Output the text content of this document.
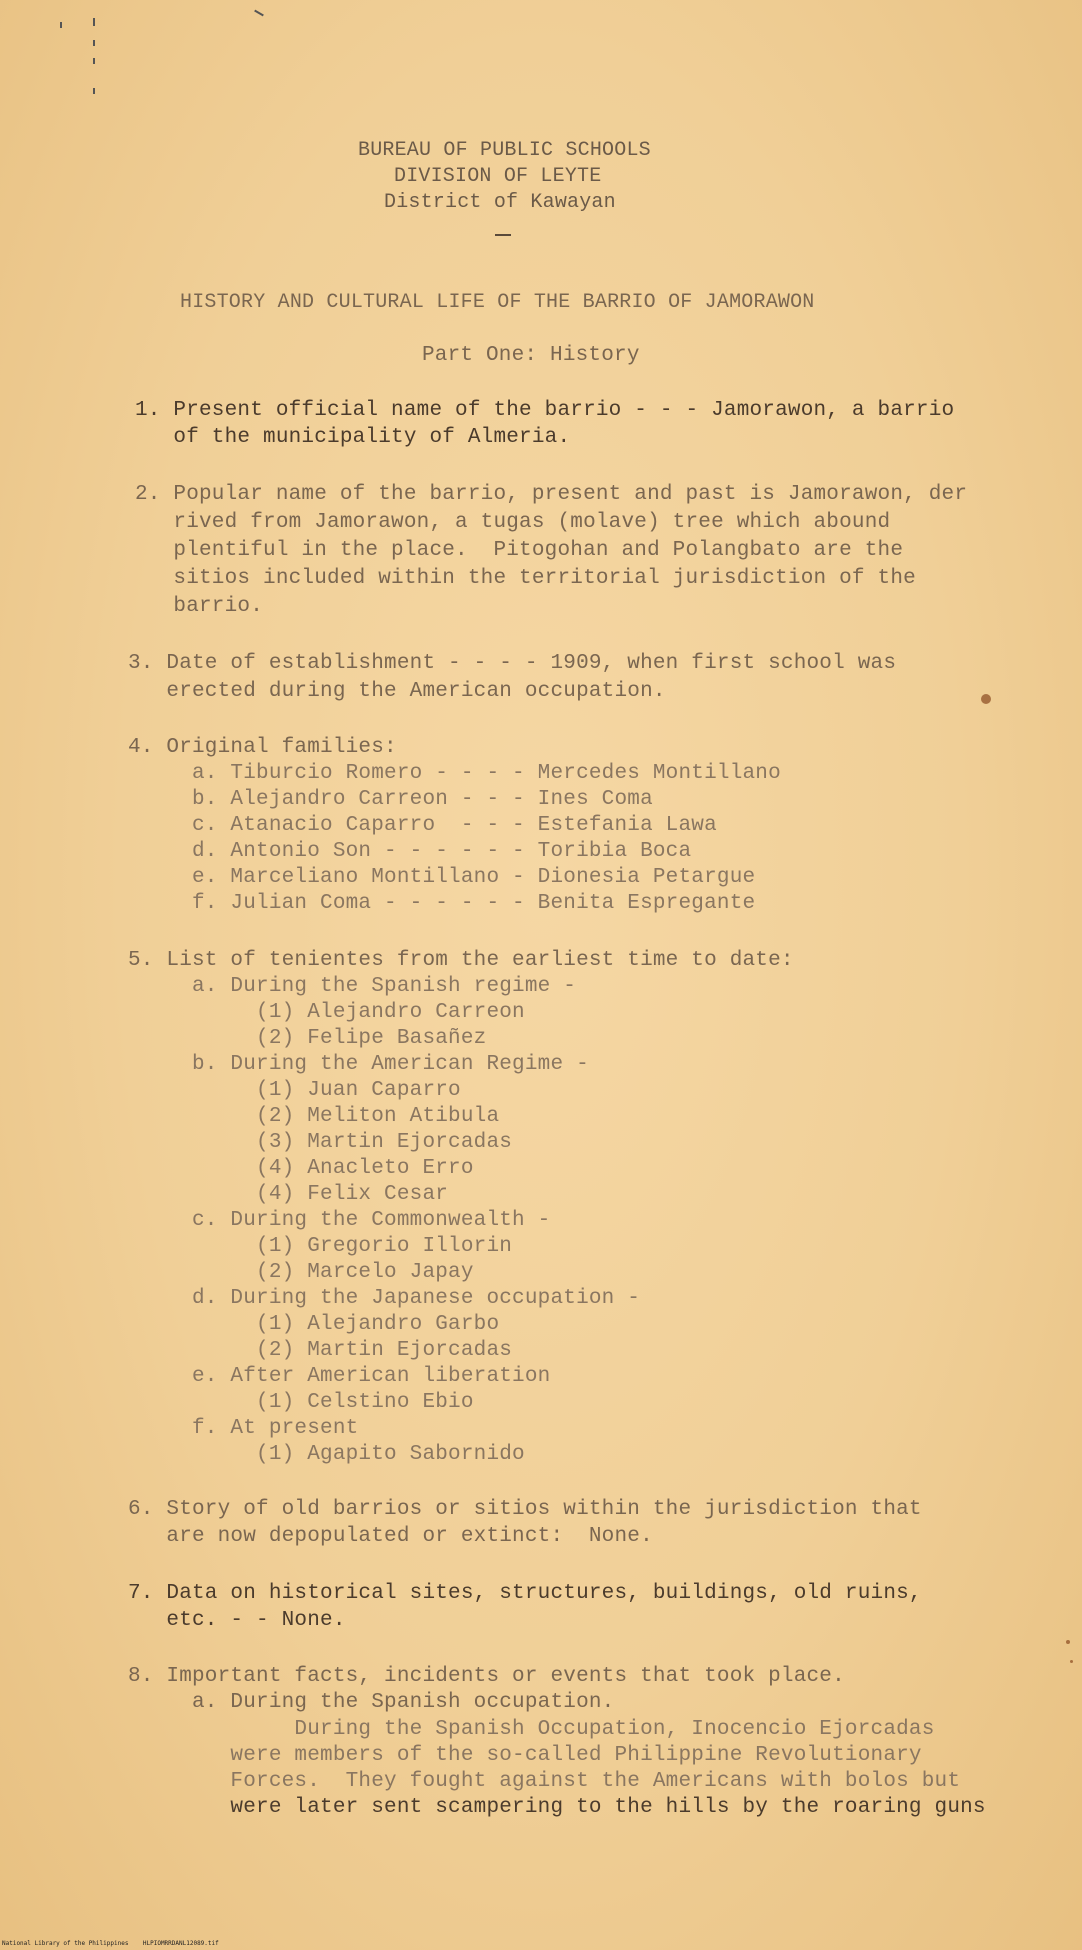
BUREAU OF PUBLIC SCHOOLS
DIVISION OF LEYTE
District of Kawayan
HISTORY AND CULTURAL LIFE OF THE BARRIO OF JAMORAWON
Part One: History
1. Present official name of the barrio - - - Jamorawon, a barrio
of the municipality of Almeria.
2. Popular name of the barrio, present and past is Jamorawon, der
rived from Jamorawon, a tugas (molave) tree which abound
plentiful in the place.  Pitogohan and Polangbato are the
sitios included within the territorial jurisdiction of the
barrio.
3. Date of establishment - - - - 1909, when first school was
erected during the American occupation.
4. Original families:
a. Tiburcio Romero - - - - Mercedes Montillano
b. Alejandro Carreon - - - Ines Coma
c. Atanacio Caparro  - - - Estefania Lawa
d. Antonio Son - - - - - - Toribia Boca
e. Marceliano Montillano - Dionesia Petargue
f. Julian Coma - - - - - - Benita Espregante
5. List of tenientes from the earliest time to date:
a. During the Spanish regime -
(1) Alejandro Carreon
(2) Felipe Basañez
b. During the American Regime -
(1) Juan Caparro
(2) Meliton Atibula
(3) Martin Ejorcadas
(4) Anacleto Erro
(4) Felix Cesar
c. During the Commonwealth -
(1) Gregorio Illorin
(2) Marcelo Japay
d. During the Japanese occupation -
(1) Alejandro Garbo
(2) Martin Ejorcadas
e. After American liberation
(1) Celstino Ebio
f. At present
(1) Agapito Sabornido
6. Story of old barrios or sitios within the jurisdiction that
are now depopulated or extinct:  None.
7. Data on historical sites, structures, buildings, old ruins,
etc. - - None.
8. Important facts, incidents or events that took place.
a. During the Spanish occupation.
During the Spanish Occupation, Inocencio Ejorcadas
were members of the so-called Philippine Revolutionary
Forces.  They fought against the Americans with bolos but
were later sent scampering to the hills by the roaring guns
National Library of the Philippines    HLPIOMRRDANL12089.tif
